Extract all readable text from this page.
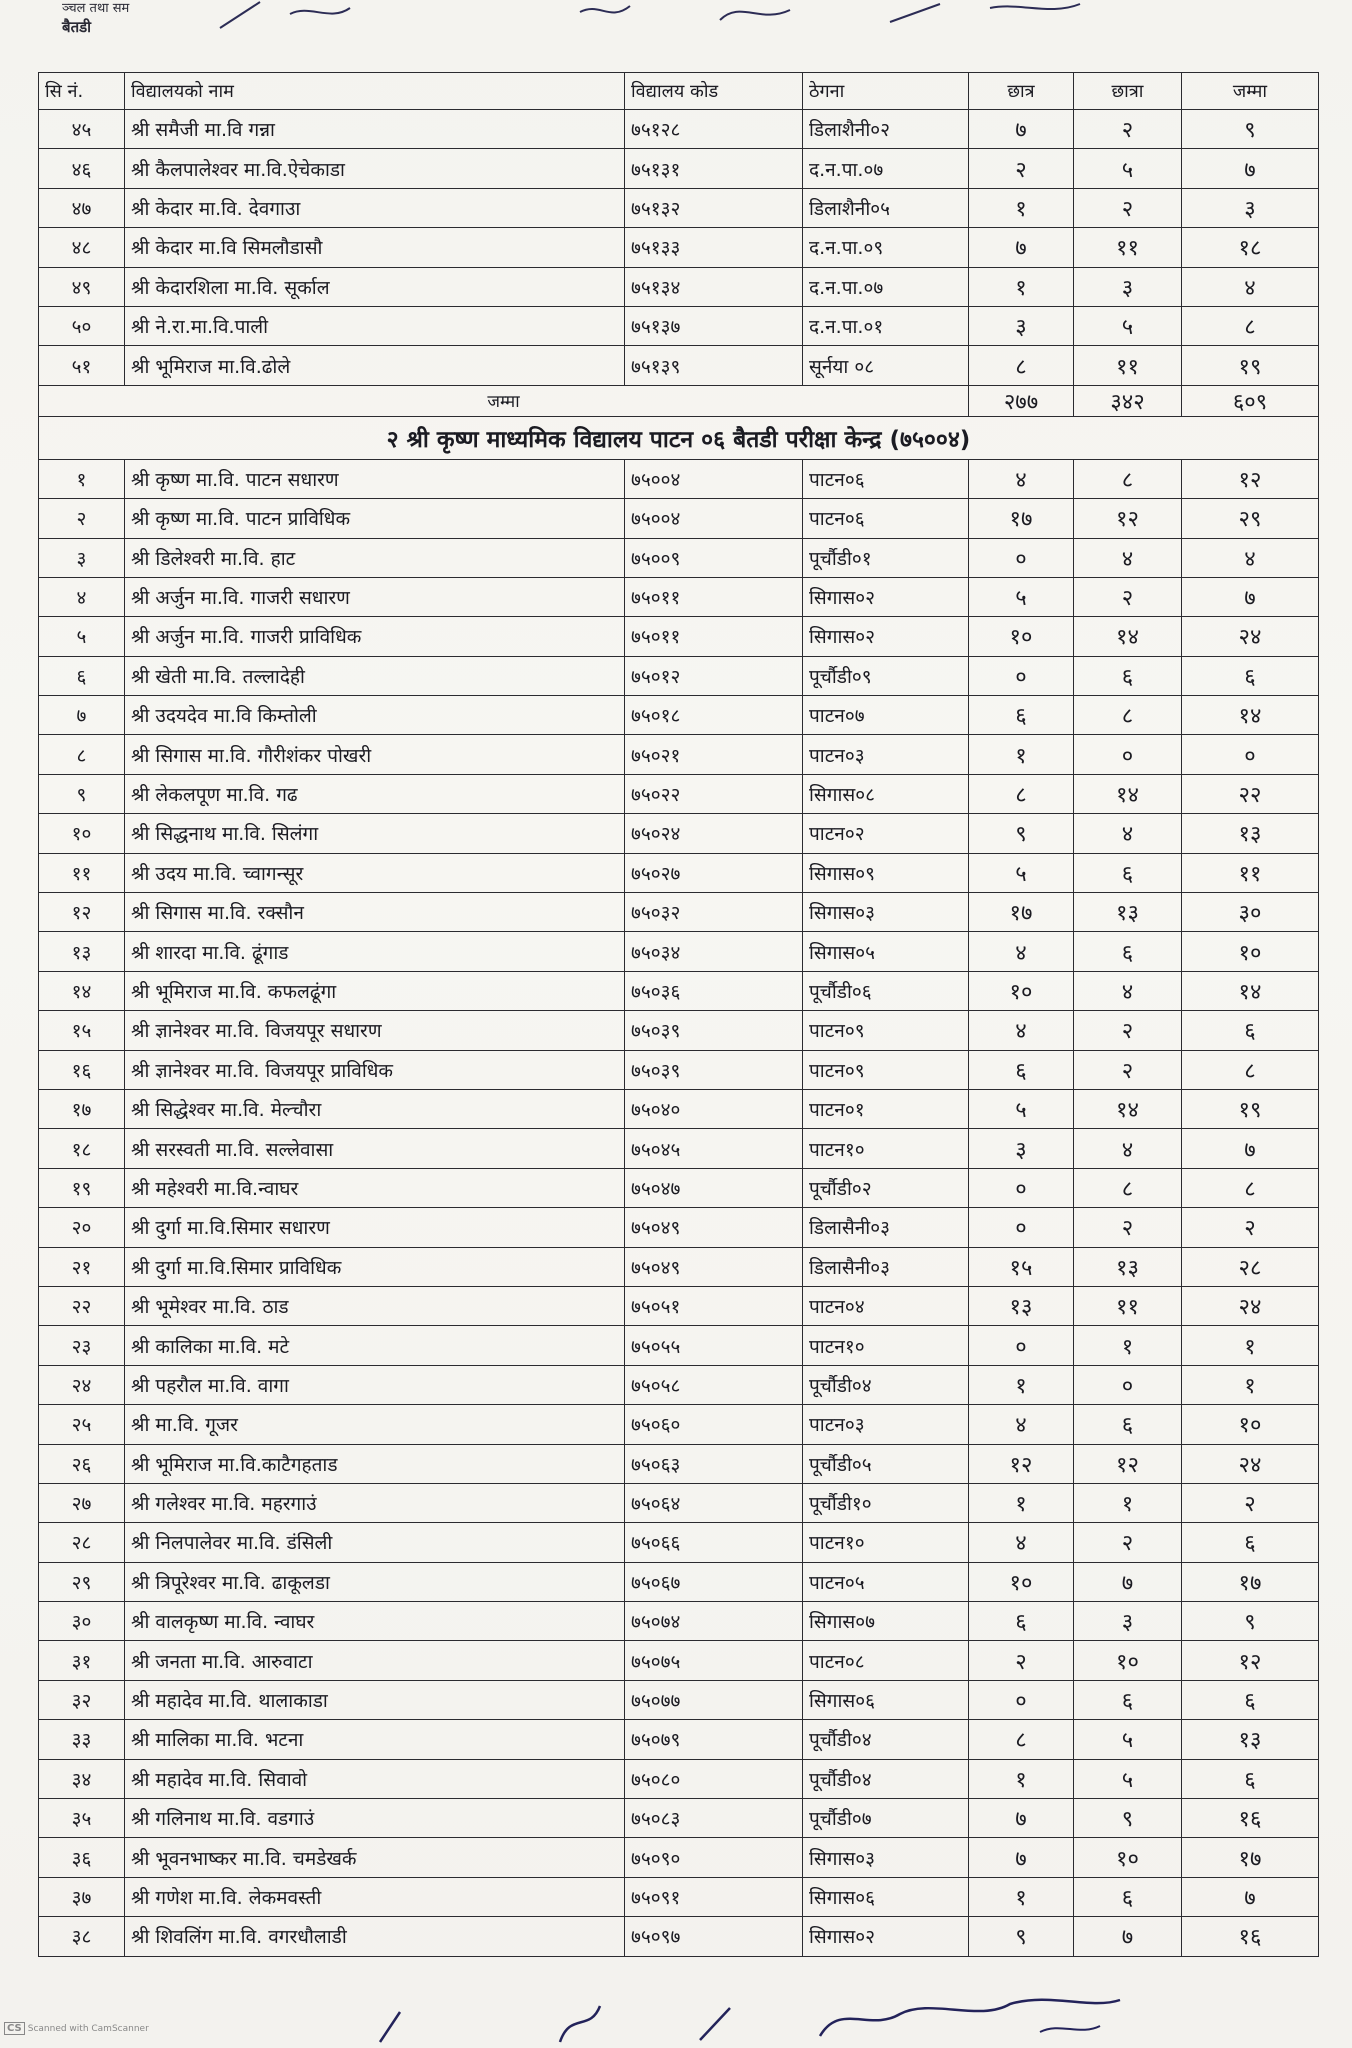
ञ्चल तथा सम
बैतडी
सि नं.	विद्यालयको नाम	विद्यालय कोड	ठेगना	छात्र	छात्रा	जम्मा
४५	श्री समैजी मा.वि गन्ना	७५१२८	डिलाशैनी०२	७	२	९
४६	श्री कैलपालेश्वर मा.वि.ऐचेकाडा	७५१३१	द.न.पा.०७	२	५	७
४७	श्री केदार मा.वि. देवगाउा	७५१३२	डिलाशैनी०५	१	२	३
४८	श्री केदार मा.वि सिमलौडासौ	७५१३३	द.न.पा.०९	७	११	१८
४९	श्री केदारशिला मा.वि. सूर्काल	७५१३४	द.न.पा.०७	१	३	४
५०	श्री ने.रा.मा.वि.पाली	७५१३७	द.न.पा.०१	३	५	८
५१	श्री भूमिराज मा.वि.ढोले	७५१३९	सूर्नया ०८	८	११	१९
जम्मा				२७७	३४२	६०९
२ श्री कृष्ण माध्यमिक विद्यालय पाटन ०६ बैतडी परीक्षा केन्द्र (७५००४)						
१	श्री कृष्ण मा.वि. पाटन सधारण	७५००४	पाटन०६	४	८	१२
२	श्री कृष्ण मा.वि. पाटन प्राविधिक	७५००४	पाटन०६	१७	१२	२९
३	श्री डिलेश्वरी मा.वि. हाट	७५००९	पूर्चौडी०१	०	४	४
४	श्री अर्जुन मा.वि. गाजरी सधारण	७५०११	सिगास०२	५	२	७
५	श्री अर्जुन मा.वि. गाजरी प्राविधिक	७५०११	सिगास०२	१०	१४	२४
६	श्री खेती मा.वि. तल्लादेही	७५०१२	पूर्चौडी०९	०	६	६
७	श्री उदयदेव मा.वि किम्तोली	७५०१८	पाटन०७	६	८	१४
८	श्री सिगास मा.वि. गौरीशंकर पोखरी	७५०२१	पाटन०३	१	०	०
९	श्री लेकलपूण मा.वि. गढ	७५०२२	सिगास०८	८	१४	२२
१०	श्री सिद्धनाथ मा.वि. सिलंगा	७५०२४	पाटन०२	९	४	१३
११	श्री उदय मा.वि. च्वागन्सूर	७५०२७	सिगास०९	५	६	११
१२	श्री सिगास मा.वि. रक्सौन	७५०३२	सिगास०३	१७	१३	३०
१३	श्री शारदा मा.वि. ढूंगाड	७५०३४	सिगास०५	४	६	१०
१४	श्री भूमिराज मा.वि. कफलढूंगा	७५०३६	पूर्चौडी०६	१०	४	१४
१५	श्री ज्ञानेश्वर मा.वि. विजयपूर सधारण	७५०३९	पाटन०९	४	२	६
१६	श्री ज्ञानेश्वर मा.वि. विजयपूर प्राविधिक	७५०३९	पाटन०९	६	२	८
१७	श्री सिद्धेश्वर मा.वि. मेल्चौरा	७५०४०	पाटन०१	५	१४	१९
१८	श्री सरस्वती मा.वि. सल्लेवासा	७५०४५	पाटन१०	३	४	७
१९	श्री महेश्वरी मा.वि.न्वाघर	७५०४७	पूर्चौडी०२	०	८	८
२०	श्री दुर्गा मा.वि.सिमार सधारण	७५०४९	डिलासैनी०३	०	२	२
२१	श्री दुर्गा मा.वि.सिमार प्राविधिक	७५०४९	डिलासैनी०३	१५	१३	२८
२२	श्री भूमेश्वर मा.वि. ठाड	७५०५१	पाटन०४	१३	११	२४
२३	श्री कालिका मा.वि. मटे	७५०५५	पाटन१०	०	१	१
२४	श्री पहरौल मा.वि. वागा	७५०५८	पूर्चौडी०४	१	०	१
२५	श्री मा.वि. गूजर	७५०६०	पाटन०३	४	६	१०
२६	श्री भूमिराज मा.वि.काटैगहताड	७५०६३	पूर्चौडी०५	१२	१२	२४
२७	श्री गलेश्वर मा.वि. महरगाउं	७५०६४	पूर्चौडी१०	१	१	२
२८	श्री निलपालेवर मा.वि. डंसिली	७५०६६	पाटन१०	४	२	६
२९	श्री त्रिपूरेश्वर मा.वि. ढाकूलडा	७५०६७	पाटन०५	१०	७	१७
३०	श्री वालकृष्ण मा.वि. न्वाघर	७५०७४	सिगास०७	६	३	९
३१	श्री जनता मा.वि. आरुवाटा	७५०७५	पाटन०८	२	१०	१२
३२	श्री महादेव मा.वि. थालाकाडा	७५०७७	सिगास०६	०	६	६
३३	श्री मालिका मा.वि. भटना	७५०७९	पूर्चौडी०४	८	५	१३
३४	श्री महादेव मा.वि. सिवावो	७५०८०	पूर्चौडी०४	१	५	६
३५	श्री गलिनाथ मा.वि. वडगाउं	७५०८३	पूर्चौडी०७	७	९	१६
३६	श्री भूवनभाष्कर मा.वि. चमडेखर्क	७५०९०	सिगास०३	७	१०	१७
३७	श्री गणेश मा.वि. लेकमवस्ती	७५०९१	सिगास०६	१	६	७
३८	श्री शिवलिंग मा.वि. वगरधौलाडी	७५०९७	सिगास०२	९	७	१६
CS Scanned with CamScanner
